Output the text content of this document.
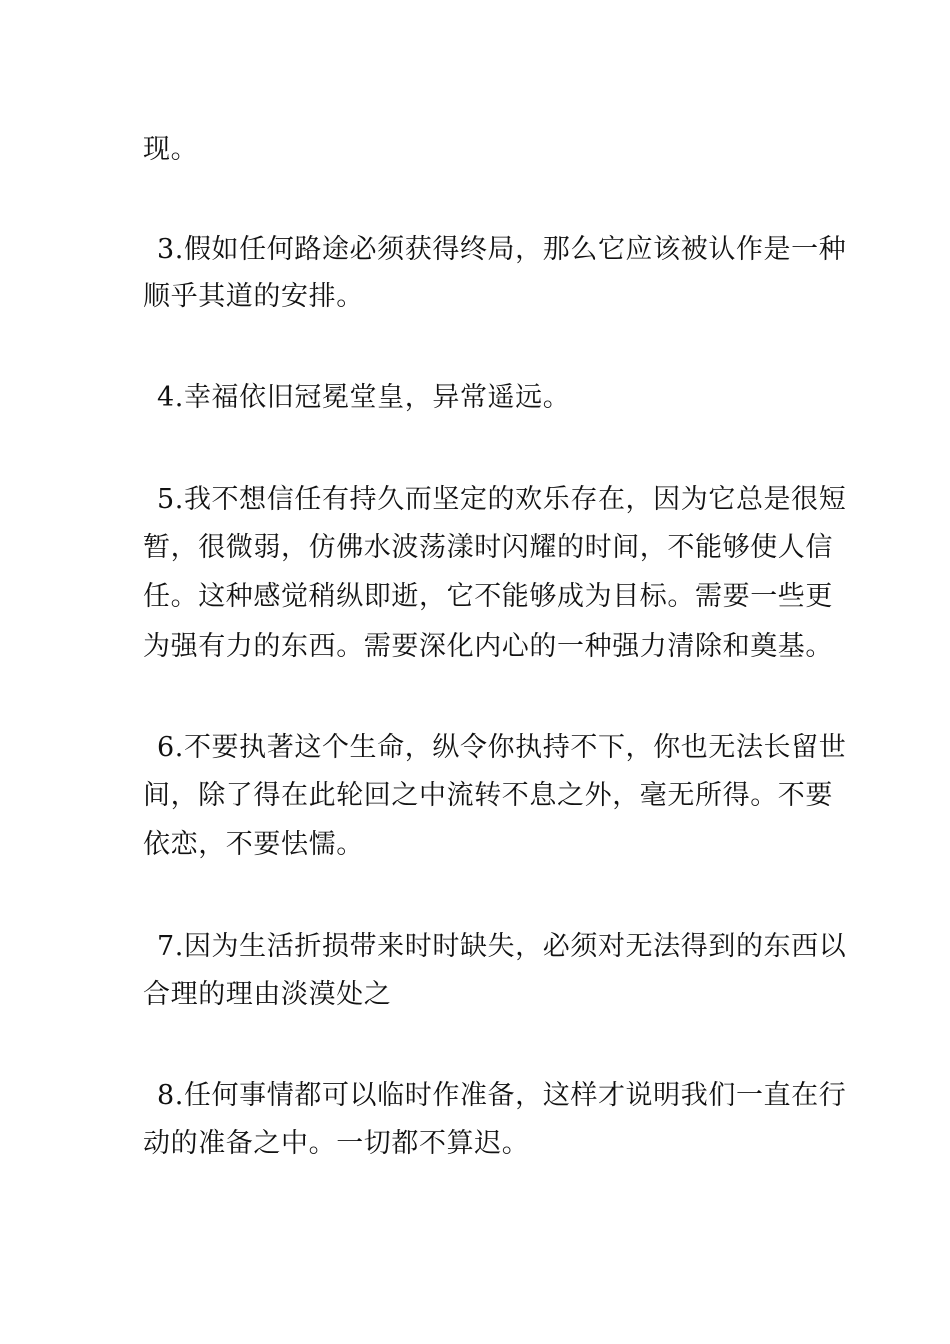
现。

3.假如任何路途必须获得终局，那么它应该被认作是一种

顺乎其道的安排。

4.幸福依旧冠冕堂皇，异常遥远。

5.我不想信任有持久而坚定的欢乐存在，因为它总是很短

暂，很微弱，仿佛水波荡漾时闪耀的时间，不能够使人信

任。这种感觉稍纵即逝，它不能够成为目标。需要一些更

为强有力的东西。需要深化内心的一种强力清除和奠基。

6.不要执著这个生命，纵令你执持不下，你也无法长留世

间，除了得在此轮回之中流转不息之外，毫无所得。不要

依恋，不要怯懦。

7.因为生活折损带来时时缺失，必须对无法得到的东西以

合理的理由淡漠处之

8.任何事情都可以临时作准备，这样才说明我们一直在行

动的准备之中。一切都不算迟。
